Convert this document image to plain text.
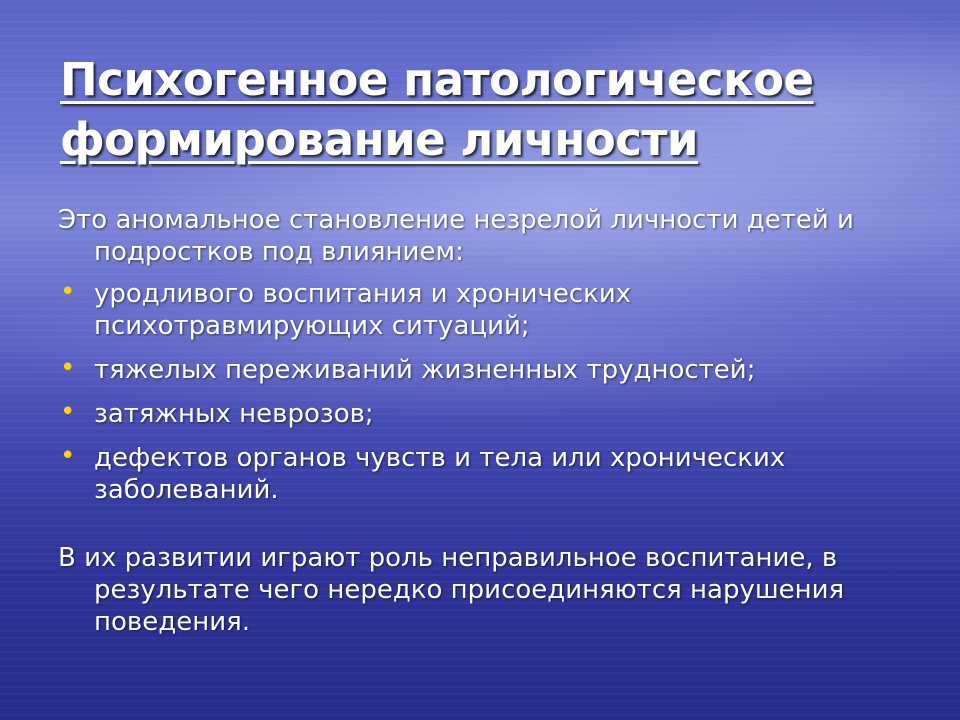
Психогенное патологическое
формирование личности

Это аномальное становление незрелой личности детей и подростков под влиянием:

• уродливого воспитания и хронических психотравмирующих ситуаций;
• тяжелых переживаний жизненных трудностей;
• затяжных неврозов;
• дефектов органов чувств и тела или хронических заболеваний.

В их развитии играют роль неправильное воспитание, в результате чего нередко присоединяются нарушения поведения.
